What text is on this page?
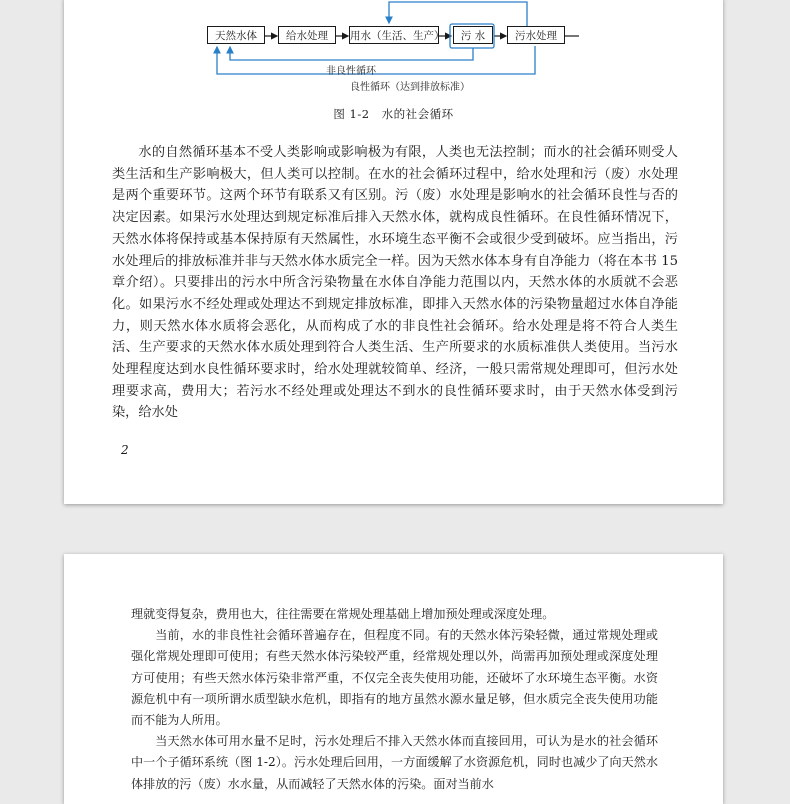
天然水体	给水处理	用水（生活、生产）	污 水	污水处理
非良性循环
良性循环（达到排放标准）
图 1-2　水的社会循环

水的自然循环基本不受人类影响或影响极为有限，人类也无法控制；而水的社会循环则受人类生活和生产影响极大，但人类可以控制。在水的社会循环过程中，给水处理和污（废）水处理是两个重要环节。这两个环节有联系又有区别。污（废）水处理是影响水的社会循环良性与否的决定因素。如果污水处理达到规定标准后排入天然水体，就构成良性循环。在良性循环情况下，天然水体将保持或基本保持原有天然属性，水环境生态平衡不会或很少受到破坏。应当指出，污水处理后的排放标准并非与天然水体水质完全一样。因为天然水体本身有自净能力（将在本书 15 章介绍）。只要排出的污水中所含污染物量在水体自净能力范围以内，天然水体的水质就不会恶化。如果污水不经处理或处理达不到规定排放标准，即排入天然水体的污染物量超过水体自净能力，则天然水体水质将会恶化，从而构成了水的非良性社会循环。给水处理是将不符合人类生活、生产要求的天然水体水质处理到符合人类生活、生产所要求的水质标准供人类使用。当污水处理程度达到水良性循环要求时，给水处理就较简单、经济，一般只需常规处理即可，但污水处理要求高，费用大；若污水不经处理或处理达不到水的良性循环要求时，由于天然水体受到污染，给水处

2

理就变得复杂，费用也大，往往需要在常规处理基础上增加预处理或深度处理。

当前，水的非良性社会循环普遍存在，但程度不同。有的天然水体污染轻微，通过常规处理或强化常规处理即可使用；有些天然水体污染较严重，经常规处理以外，尚需再加预处理或深度处理方可使用；有些天然水体污染非常严重，不仅完全丧失使用功能，还破坏了水环境生态平衡。水资源危机中有一项所谓水质型缺水危机，即指有的地方虽然水源水量足够，但水质完全丧失使用功能而不能为人所用。

当天然水体可用水量不足时，污水处理后不排入天然水体而直接回用，可认为是水的社会循环中一个子循环系统（图 1-2）。污水处理后回用，一方面缓解了水资源危机，同时也减少了向天然水体排放的污（废）水水量，从而减轻了天然水体的污染。面对当前水
